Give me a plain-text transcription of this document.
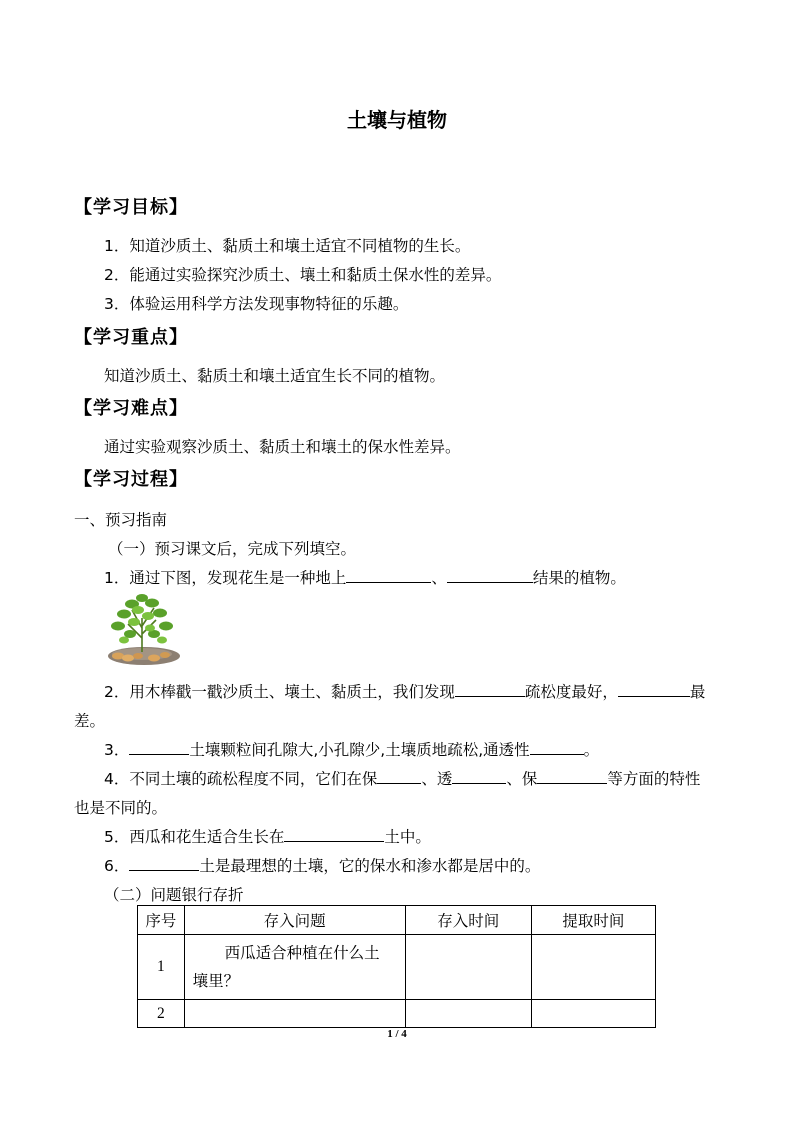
土壤与植物
【学习目标】
1．知道沙质土、黏质土和壤土适宜不同植物的生长。
2．能通过实验探究沙质土、壤土和黏质土保水性的差异。
3．体验运用科学方法发现事物特征的乐趣。
【学习重点】
知道沙质土、黏质土和壤土适宜生长不同的植物。
【学习难点】
通过实验观察沙质土、黏质土和壤土的保水性差异。
【学习过程】
一、预习指南
（一）预习课文后，完成下列填空。
1．通过下图，发现花生是一种地上	、	结果的植物。
2．用木棒戳一戳沙质土、壤土、黏质土，我们发现	疏松度最好，	最
差。
3．	土壤颗粒间孔隙大,小孔隙少,土壤质地疏松,通透性	。
4．不同土壤的疏松程度不同，它们在保	、透	、保	等方面的特性
也是不同的。
5．西瓜和花生适合生长在	土中。
6．	土是最理想的土壤，它的保水和渗水都是居中的。
（二）问题银行存折
序号	存入问题	存入时间	提取时间
1	西瓜适合种植在什么土
壤里？		

2			
1 / 4
